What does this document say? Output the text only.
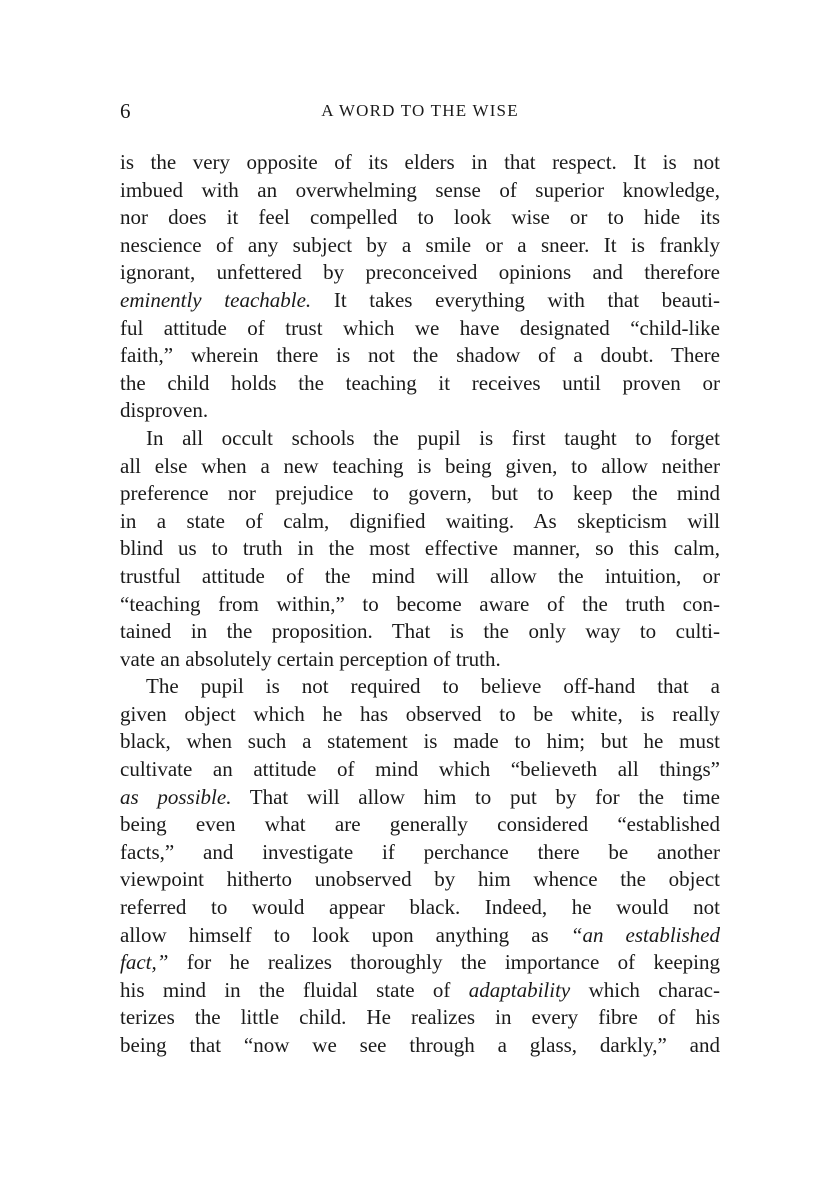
6	A WORD TO THE WISE
is the very opposite of its elders in that respect. It is not
imbued with an overwhelming sense of superior knowledge,
nor does it feel compelled to look wise or to hide its
nescience of any subject by a smile or a sneer. It is frankly
ignorant, unfettered by preconceived opinions and therefore
eminently teachable. It takes everything with that beauti-
ful attitude of trust which we have designated “child-like
faith,” wherein there is not the shadow of a doubt. There
the child holds the teaching it receives until proven or
disproven.
In all occult schools the pupil is first taught to forget
all else when a new teaching is being given, to allow neither
preference nor prejudice to govern, but to keep the mind
in a state of calm, dignified waiting. As skepticism will
blind us to truth in the most effective manner, so this calm,
trustful attitude of the mind will allow the intuition, or
“teaching from within,” to become aware of the truth con-
tained in the proposition. That is the only way to culti-
vate an absolutely certain perception of truth.
The pupil is not required to believe off-hand that a
given object which he has observed to be white, is really
black, when such a statement is made to him; but he must
cultivate an attitude of mind which “believeth all things”
as possible. That will allow him to put by for the time
being even what are generally considered “established
facts,” and investigate if perchance there be another
viewpoint hitherto unobserved by him whence the object
referred to would appear black. Indeed, he would not
allow himself to look upon anything as “an established
fact,” for he realizes thoroughly the importance of keeping
his mind in the fluidal state of adaptability which charac-
terizes the little child. He realizes in every fibre of his
being that “now we see through a glass, darkly,” and
